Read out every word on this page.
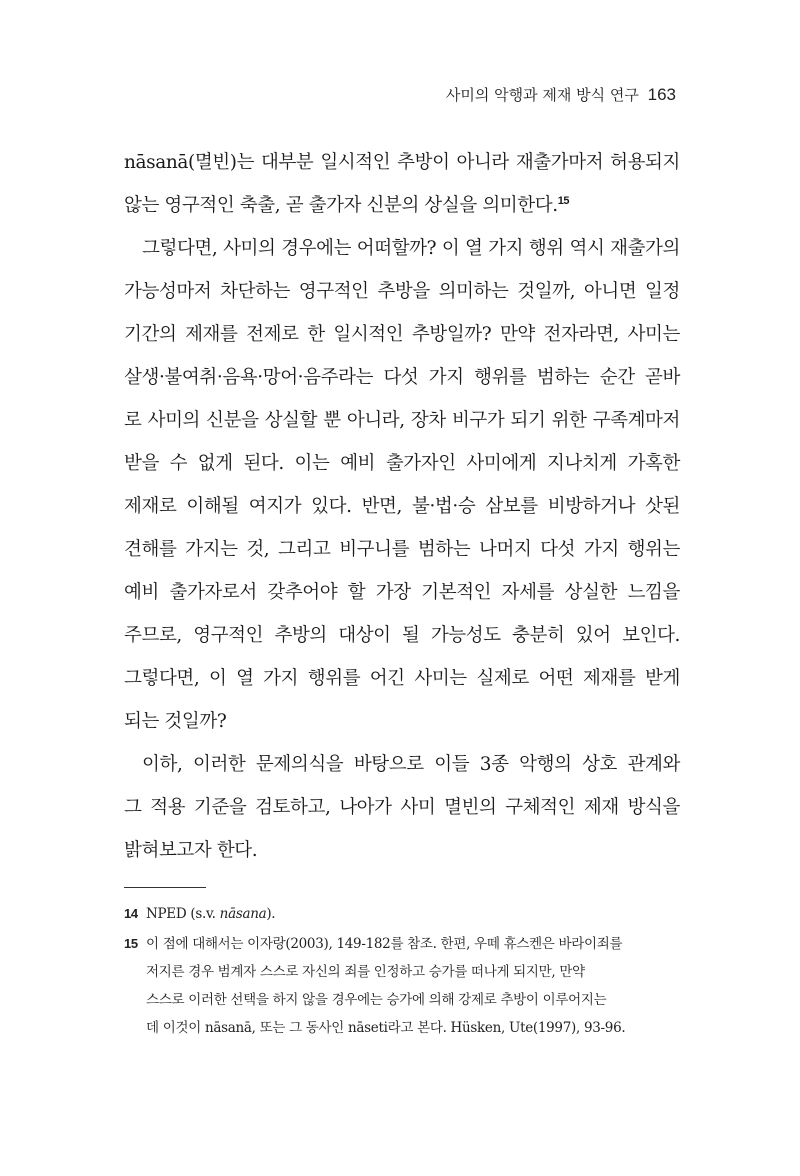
사미의 악행과 제재 방식 연구 163
nāsanā(멸빈)는 대부분 일시적인 추방이 아니라 재출가마저 허용되지
않는 영구적인 축출, 곧 출가자 신분의 상실을 의미한다.$^{15}$
그렇다면, 사미의 경우에는 어떠할까? 이 열 가지 행위 역시 재출가의
가능성마저 차단하는 영구적인 추방을 의미하는 것일까, 아니면 일정
기간의 제재를 전제로 한 일시적인 추방일까? 만약 전자라면, 사미는
살생·불여취·음욕·망어·음주라는 다섯 가지 행위를 범하는 순간 곧바
로 사미의 신분을 상실할 뿐 아니라, 장차 비구가 되기 위한 구족계마저
받을 수 없게 된다. 이는 예비 출가자인 사미에게 지나치게 가혹한
제재로 이해될 여지가 있다. 반면, 불·법·승 삼보를 비방하거나 삿된
견해를 가지는 것, 그리고 비구니를 범하는 나머지 다섯 가지 행위는
예비 출가자로서 갖추어야 할 가장 기본적인 자세를 상실한 느낌을
주므로, 영구적인 추방의 대상이 될 가능성도 충분히 있어 보인다.
그렇다면, 이 열 가지 행위를 어긴 사미는 실제로 어떤 제재를 받게
되는 것일까?
이하, 이러한 문제의식을 바탕으로 이들 3종 악행의 상호 관계와
그 적용 기준을 검토하고, 나아가 사미 멸빈의 구체적인 제재 방식을
밝혀보고자 한다.
14 NPED (s.v. nāsana).
15 이 점에 대해서는 이자랑(2003), 149-182를 참조. 한편, 우떼 휴스켄은 바라이죄를
저지른 경우 범계자 스스로 자신의 죄를 인정하고 승가를 떠나게 되지만, 만약
스스로 이러한 선택을 하지 않을 경우에는 승가에 의해 강제로 추방이 이루어지는
데 이것이 nāsanā, 또는 그 동사인 nāseti라고 본다. Hüsken, Ute(1997), 93-96.
